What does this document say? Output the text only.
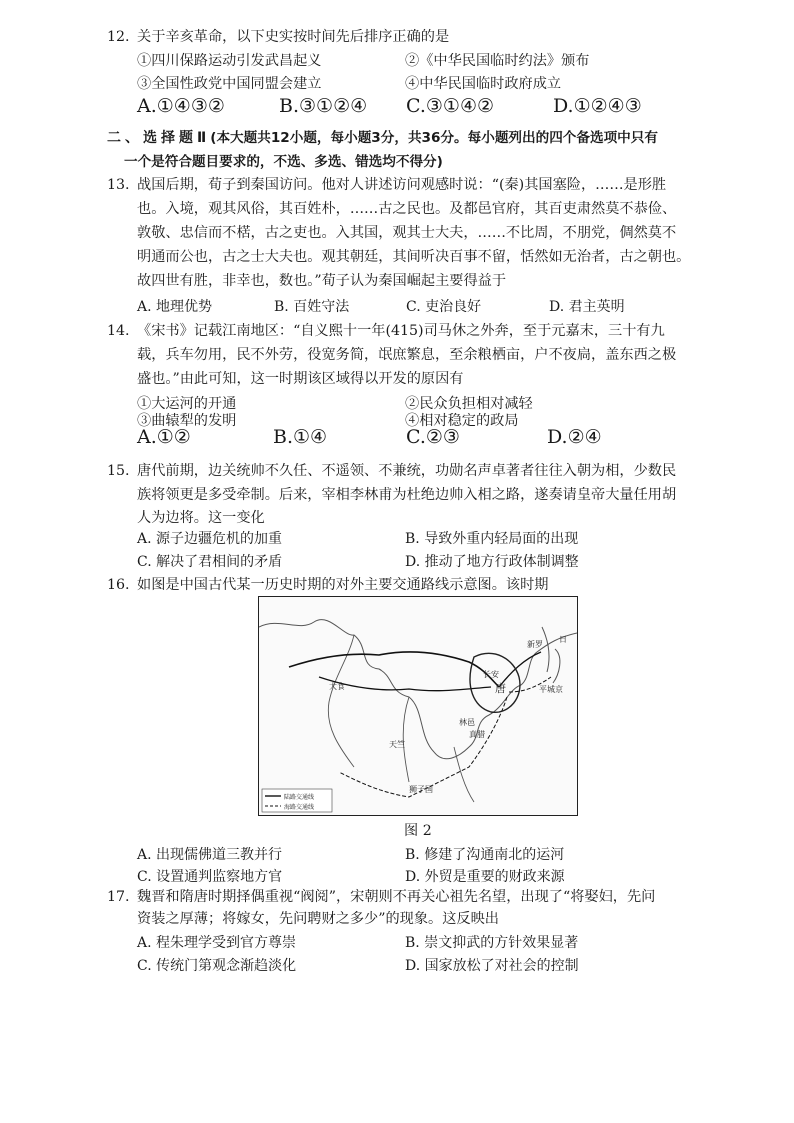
12. 关于辛亥革命，以下史实按时间先后排序正确的是
①四川保路运动引发武昌起义	②《中华民国临时约法》颁布
③全国性政党中国同盟会建立	④中华民国临时政府成立
A.①④③②	B.③①②④ C.③①④②	D.①②④③
二、选择题Ⅱ(本大题共12小题，每小题3分，共36分。每小题列出的四个备选项中只有
一个是符合题目要求的，不选、多选、错选均不得分)
13. 战国后期，荀子到秦国访问。他对人讲述访问观感时说：“(秦)其国塞险，……是形胜
也。入境，观其风俗，其百姓朴，……古之民也。及都邑官府，其百吏肃然莫不恭俭、
敦敬、忠信而不楛，古之吏也。入其国，观其士大夫，……不比周，不朋党，倜然莫不
明通而公也，古之士大夫也。观其朝廷，其间听决百事不留，恬然如无治者，古之朝也。
故四世有胜，非幸也，数也。”荀子认为秦国崛起主要得益于
A. 地理优势	B. 百姓守法	C. 吏治良好	D. 君主英明
14. 《宋书》记载江南地区：“自义熙十一年(415)司马休之外奔，至于元嘉末，三十有九
载，兵车勿用，民不外劳，役宽务简，氓庶繁息，至余粮栖亩，户不夜扃，盖东西之极
盛也。”由此可知，这一时期该区域得以开发的原因有
①大运河的开通	②民众负担相对减轻
③曲辕犁的发明	④相对稳定的政局
A.①②	B.①④	C.②③	D.②④
15. 唐代前期，边关统帅不久任、不遥领、不兼统，功勋名声卓著者往往入朝为相，少数民
族将领更是多受牵制。后来，宰相李林甫为杜绝边帅入相之路，遂奏请皇帝大量任用胡
人为边将。这一变化
A. 源子边疆危机的加重	B. 导致外重内轻局面的出现
C. 解决了君相间的矛盾	D. 推动了地方行政体制调整
16. 如图是中国古代某一历史时期的对外主要交通路线示意图。该时期
大食
天竺
唐
长安
日
新罗
平城京
狮子国
真腊
林邑
陆路交通线
海路交通线
图 2
A. 出现儒佛道三教并行	B. 修建了沟通南北的运河
C. 设置通判监察地方官	D. 外贸是重要的财政来源
17. 魏晋和隋唐时期择偶重视“阀阅”，宋朝则不再关心祖先名望，出现了“将娶妇，先问
资装之厚薄；将嫁女，先问聘财之多少”的现象。这反映出
A. 程朱理学受到官方尊崇	B. 崇文抑武的方针效果显著
C. 传统门第观念渐趋淡化	D. 国家放松了对社会的控制
